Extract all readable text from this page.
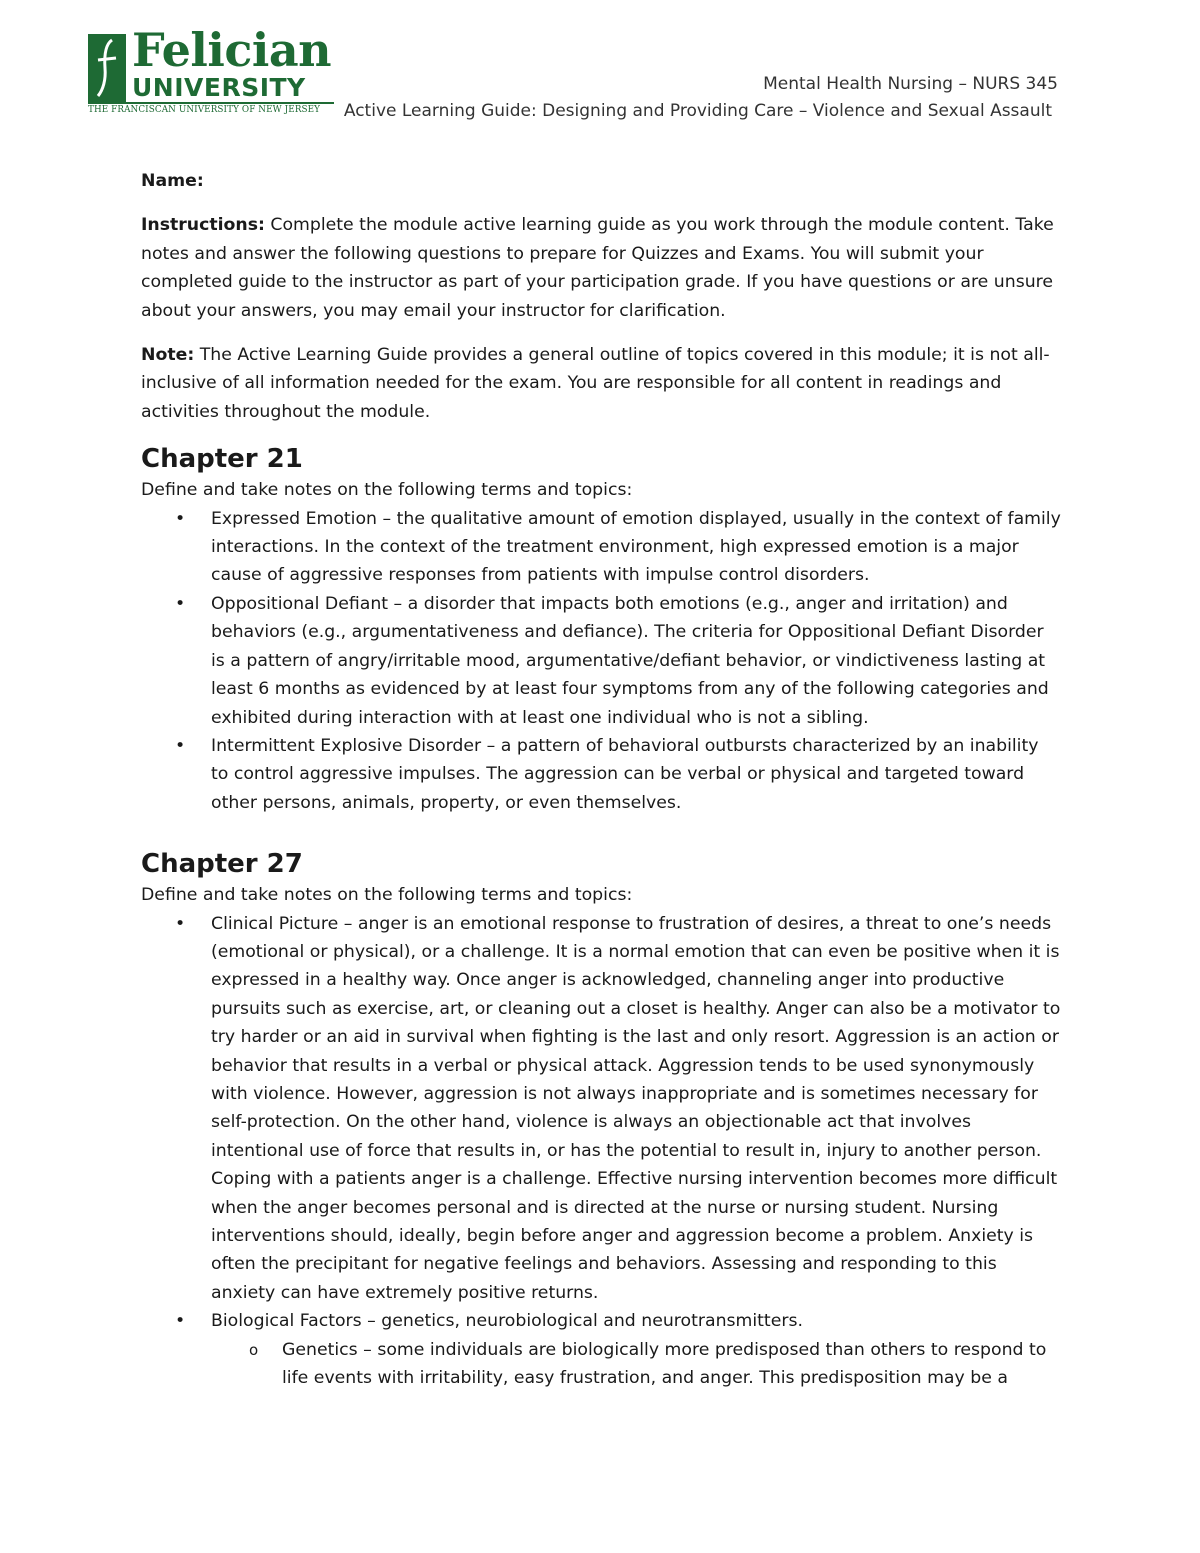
Felician
UNIVERSITY
THE FRANCISCAN UNIVERSITY OF NEW JERSEY
Mental Health Nursing – NURS 345
Active Learning Guide: Designing and Providing Care – Violence and Sexual Assault

Name:

Instructions: Complete the module active learning guide as you work through the module content. Take notes and answer the following questions to prepare for Quizzes and Exams. You will submit your completed guide to the instructor as part of your participation grade. If you have questions or are unsure about your answers, you may email your instructor for clarification.

Note: The Active Learning Guide provides a general outline of topics covered in this module; it is not all-inclusive of all information needed for the exam. You are responsible for all content in readings and activities throughout the module.

Chapter 21

Define and take notes on the following terms and topics:

• Expressed Emotion – the qualitative amount of emotion displayed, usually in the context of family interactions. In the context of the treatment environment, high expressed emotion is a major cause of aggressive responses from patients with impulse control disorders.
• Oppositional Defiant – a disorder that impacts both emotions (e.g., anger and irritation) and behaviors (e.g., argumentativeness and defiance). The criteria for Oppositional Defiant Disorder is a pattern of angry/irritable mood, argumentative/defiant behavior, or vindictiveness lasting at least 6 months as evidenced by at least four symptoms from any of the following categories and exhibited during interaction with at least one individual who is not a sibling.
• Intermittent Explosive Disorder – a pattern of behavioral outbursts characterized by an inability to control aggressive impulses. The aggression can be verbal or physical and targeted toward other persons, animals, property, or even themselves.
Chapter 27

Define and take notes on the following terms and topics:

• Clinical Picture – anger is an emotional response to frustration of desires, a threat to one’s needs (emotional or physical), or a challenge. It is a normal emotion that can even be positive when it is expressed in a healthy way. Once anger is acknowledged, channeling anger into productive pursuits such as exercise, art, or cleaning out a closet is healthy. Anger can also be a motivator to try harder or an aid in survival when fighting is the last and only resort. Aggression is an action or behavior that results in a verbal or physical attack. Aggression tends to be used synonymously with violence. However, aggression is not always inappropriate and is sometimes necessary for self-protection. On the other hand, violence is always an objectionable act that involves intentional use of force that results in, or has the potential to result in, injury to another person. Coping with a patients anger is a challenge. Effective nursing intervention becomes more difficult when the anger becomes personal and is directed at the nurse or nursing student. Nursing interventions should, ideally, begin before anger and aggression become a problem. Anxiety is often the precipitant for negative feelings and behaviors. Assessing and responding to this anxiety can have extremely positive returns.
• Biological Factors – genetics, neurobiological and neurotransmitters.
o Genetics – some individuals are biologically more predisposed than others to respond to life events with irritability, easy frustration, and anger. This predisposition may be a
